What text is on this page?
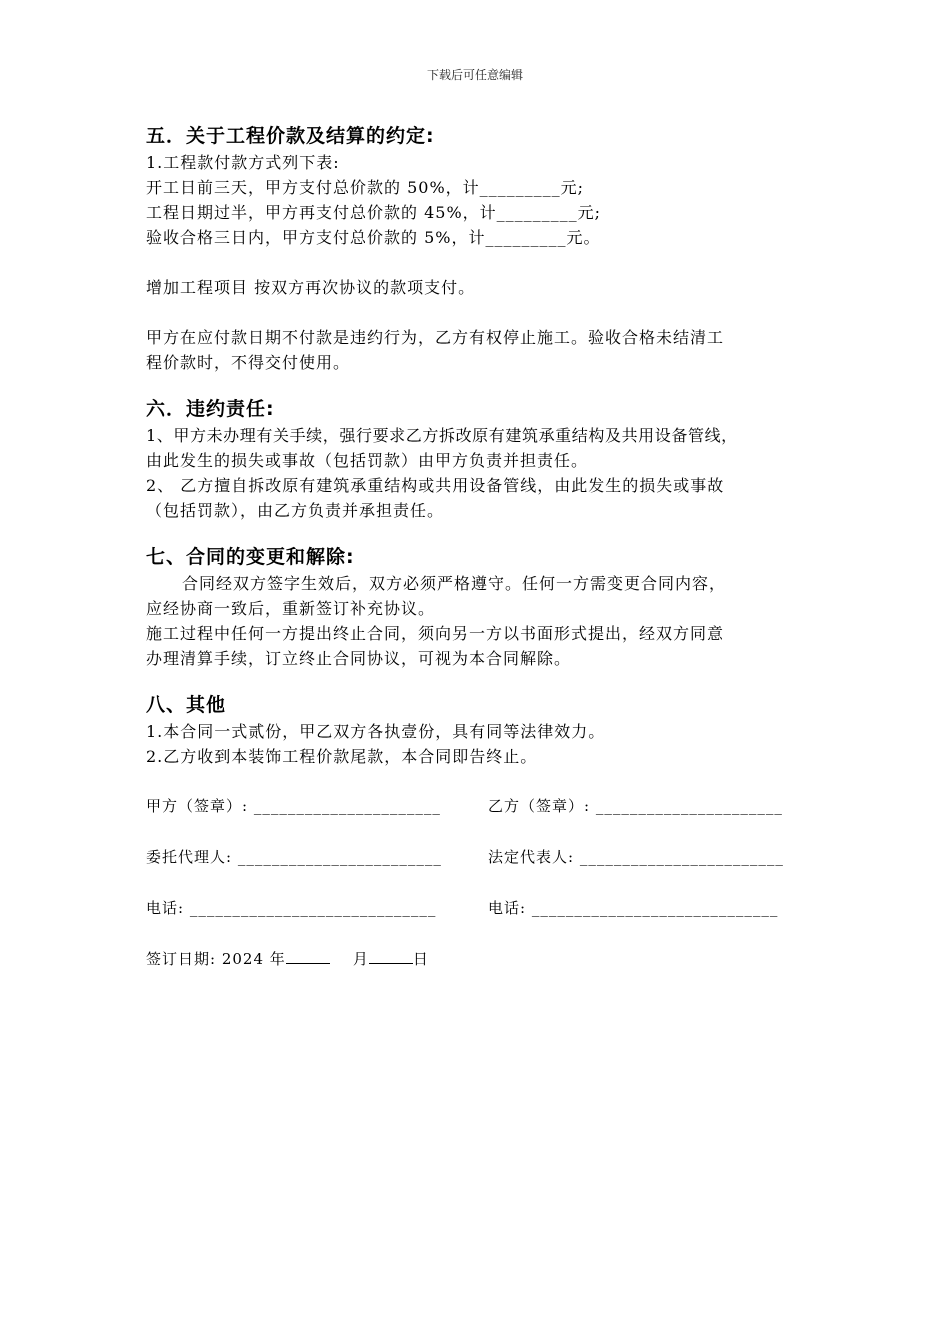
下载后可任意编辑

五．关于工程价款及结算的约定:

1.工程款付款方式列下表:

开工日前三天，甲方支付总价款的 50%，计_________元;

工程日期过半，甲方再支付总价款的 45%，计_________元;

验收合格三日内，甲方支付总价款的 5%，计_________元。

增加工程项目 按双方再次协议的款项支付。

甲方在应付款日期不付款是违约行为，乙方有权停止施工。验收合格未结清工

程价款时，不得交付使用。

六．违约责任:

1、甲方未办理有关手续，强行要求乙方拆改原有建筑承重结构及共用设备管线，

由此发生的损失或事故（包括罚款）由甲方负责并担责任。

2、 乙方擅自拆改原有建筑承重结构或共用设备管线，由此发生的损失或事故

（包括罚款），由乙方负责并承担责任。

七、合同的变更和解除:

合同经双方签字生效后，双方必须严格遵守。任何一方需变更合同内容，

应经协商一致后，重新签订补充协议。

施工过程中任何一方提出终止合同，须向另一方以书面形式提出，经双方同意

办理清算手续，订立终止合同协议，可视为本合同解除。

八、其他

1.本合同一式贰份，甲乙双方各执壹份，具有同等法律效力。

2.乙方收到本装饰工程价款尾款，本合同即告终止。

甲方（签章）: ______________________	乙方（签章）: ______________________
委托代理人: ________________________	法定代表人: ________________________
电话: _____________________________	电话: _____________________________
签订日期: 2024 年	月	日
